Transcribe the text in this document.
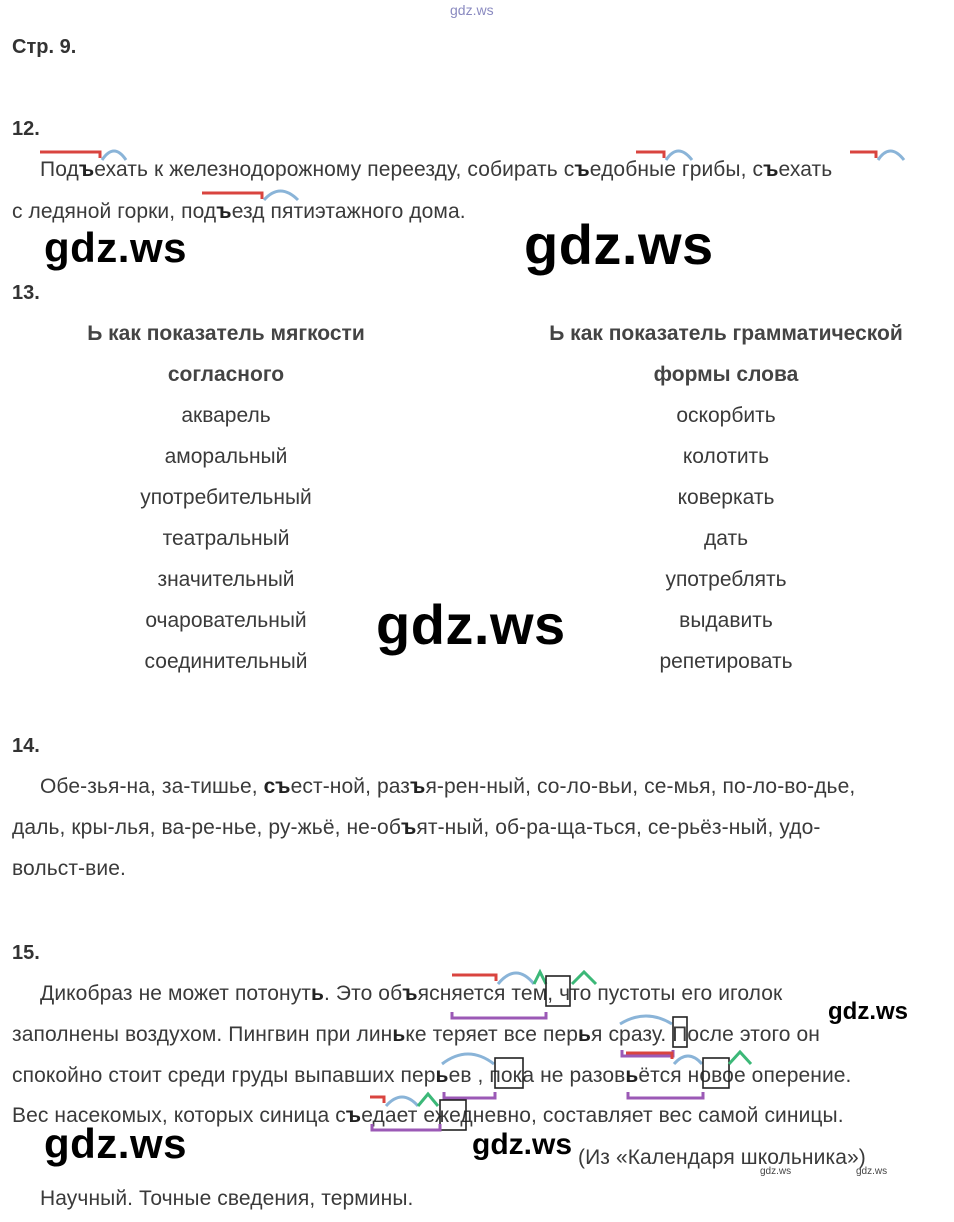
gdz.ws
Стр. 9.
12.
Подъехать к железнодорожному переезду, собирать съедобные грибы, съехать
с ледяной горки, подъезд пятиэтажного дома.
13.
Ь как показатель мягкости
согласного
акварель
аморальный
употребительный
театральный
значительный
очаровательный
соединительный
Ь как показатель грамматической
формы слова
оскорбить
колотить
коверкать
дать
употреблять
выдавить
репетировать
14.
Обе-зья-на, за-тишье, съест-ной, разъя-рен-ный, со-ло-вьи, се-мья, по-ло-во-дье,
даль, кры-лья, ва-ре-нье, ру-жьё, не-объят-ный, об-ра-ща-ться, се-рьёз-ный, удо-
вольст-вие.
15.
Дикобраз не может потонуть. Это объясняется тем, что пустоты его иголок
заполнены воздухом. Пингвин при линьке теряет все перья сразу. После этого он
спокойно стоит среди груды выпавших перьев , пока не разовьётся новое оперение.
Вес насекомых, которых синица съедает ежедневно, составляет вес самой синицы.
(Из «Календаря школьника»)
Научный. Точные сведения, термины.
gdz.ws	gdz.ws
gdz.ws
gdz.ws
gdz.ws
gdz.ws
gdz.ws	gdz.ws
